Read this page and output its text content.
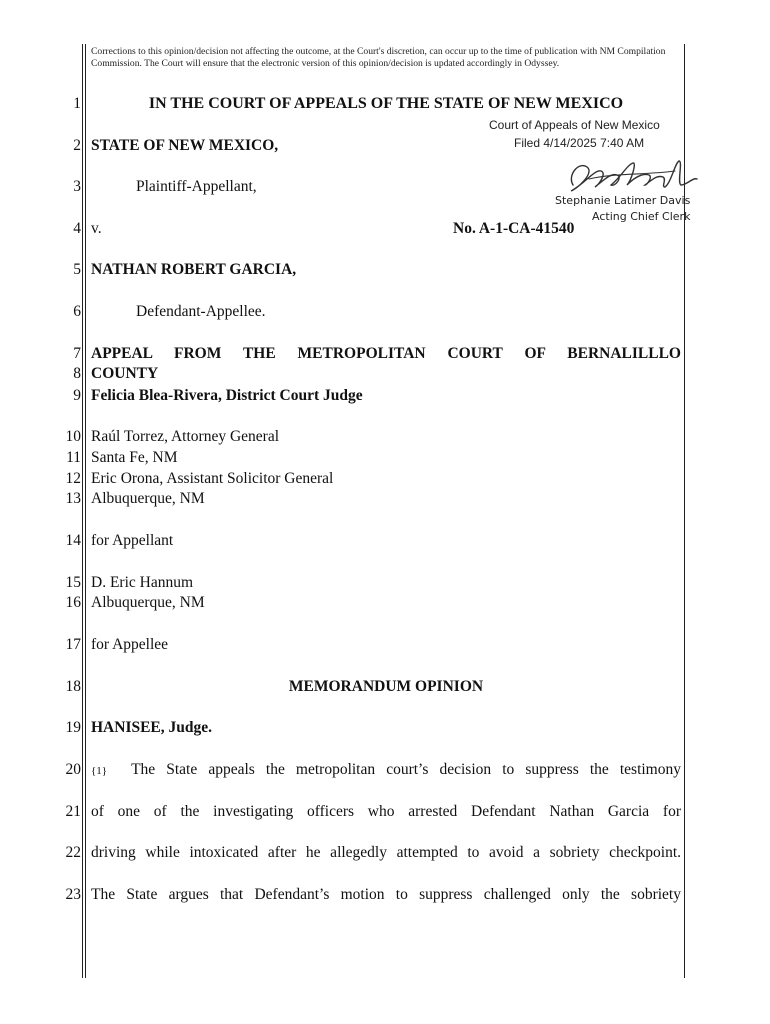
Corrections to this opinion/decision not affecting the outcome, at the Court's discretion, can occur up to the time of publication with NM Compilation Commission. The Court will ensure that the electronic version of this opinion/decision is updated accordingly in Odyssey.
1
2
3
4
5
6
7
8
9
10
11
12
13
14
15
16
17
18
19
20
21
22
23
IN THE COURT OF APPEALS OF THE STATE OF NEW MEXICO
Court of Appeals of New Mexico
Filed 4/14/2025 7:40 AM
Stephanie Latimer Davis
Acting Chief Clerk
STATE OF NEW MEXICO,
Plaintiff-Appellant,
v.	No. A-1-CA-41540
NATHAN ROBERT GARCIA,
Defendant-Appellee.
APPEAL FROM THE METROPOLITAN COURT OF BERNALILLLO
COUNTY
Felicia Blea-Rivera, District Court Judge
Raúl Torrez, Attorney General
Santa Fe, NM
Eric Orona, Assistant Solicitor General
Albuquerque, NM
for Appellant
D. Eric Hannum
Albuquerque, NM
for Appellee
MEMORANDUM OPINION
HANISEE, Judge.
{1} The State appeals the metropolitan court’s decision to suppress the testimony
of one of the investigating officers who arrested Defendant Nathan Garcia for
driving while intoxicated after he allegedly attempted to avoid a sobriety checkpoint.
The State argues that Defendant’s motion to suppress challenged only the sobriety
